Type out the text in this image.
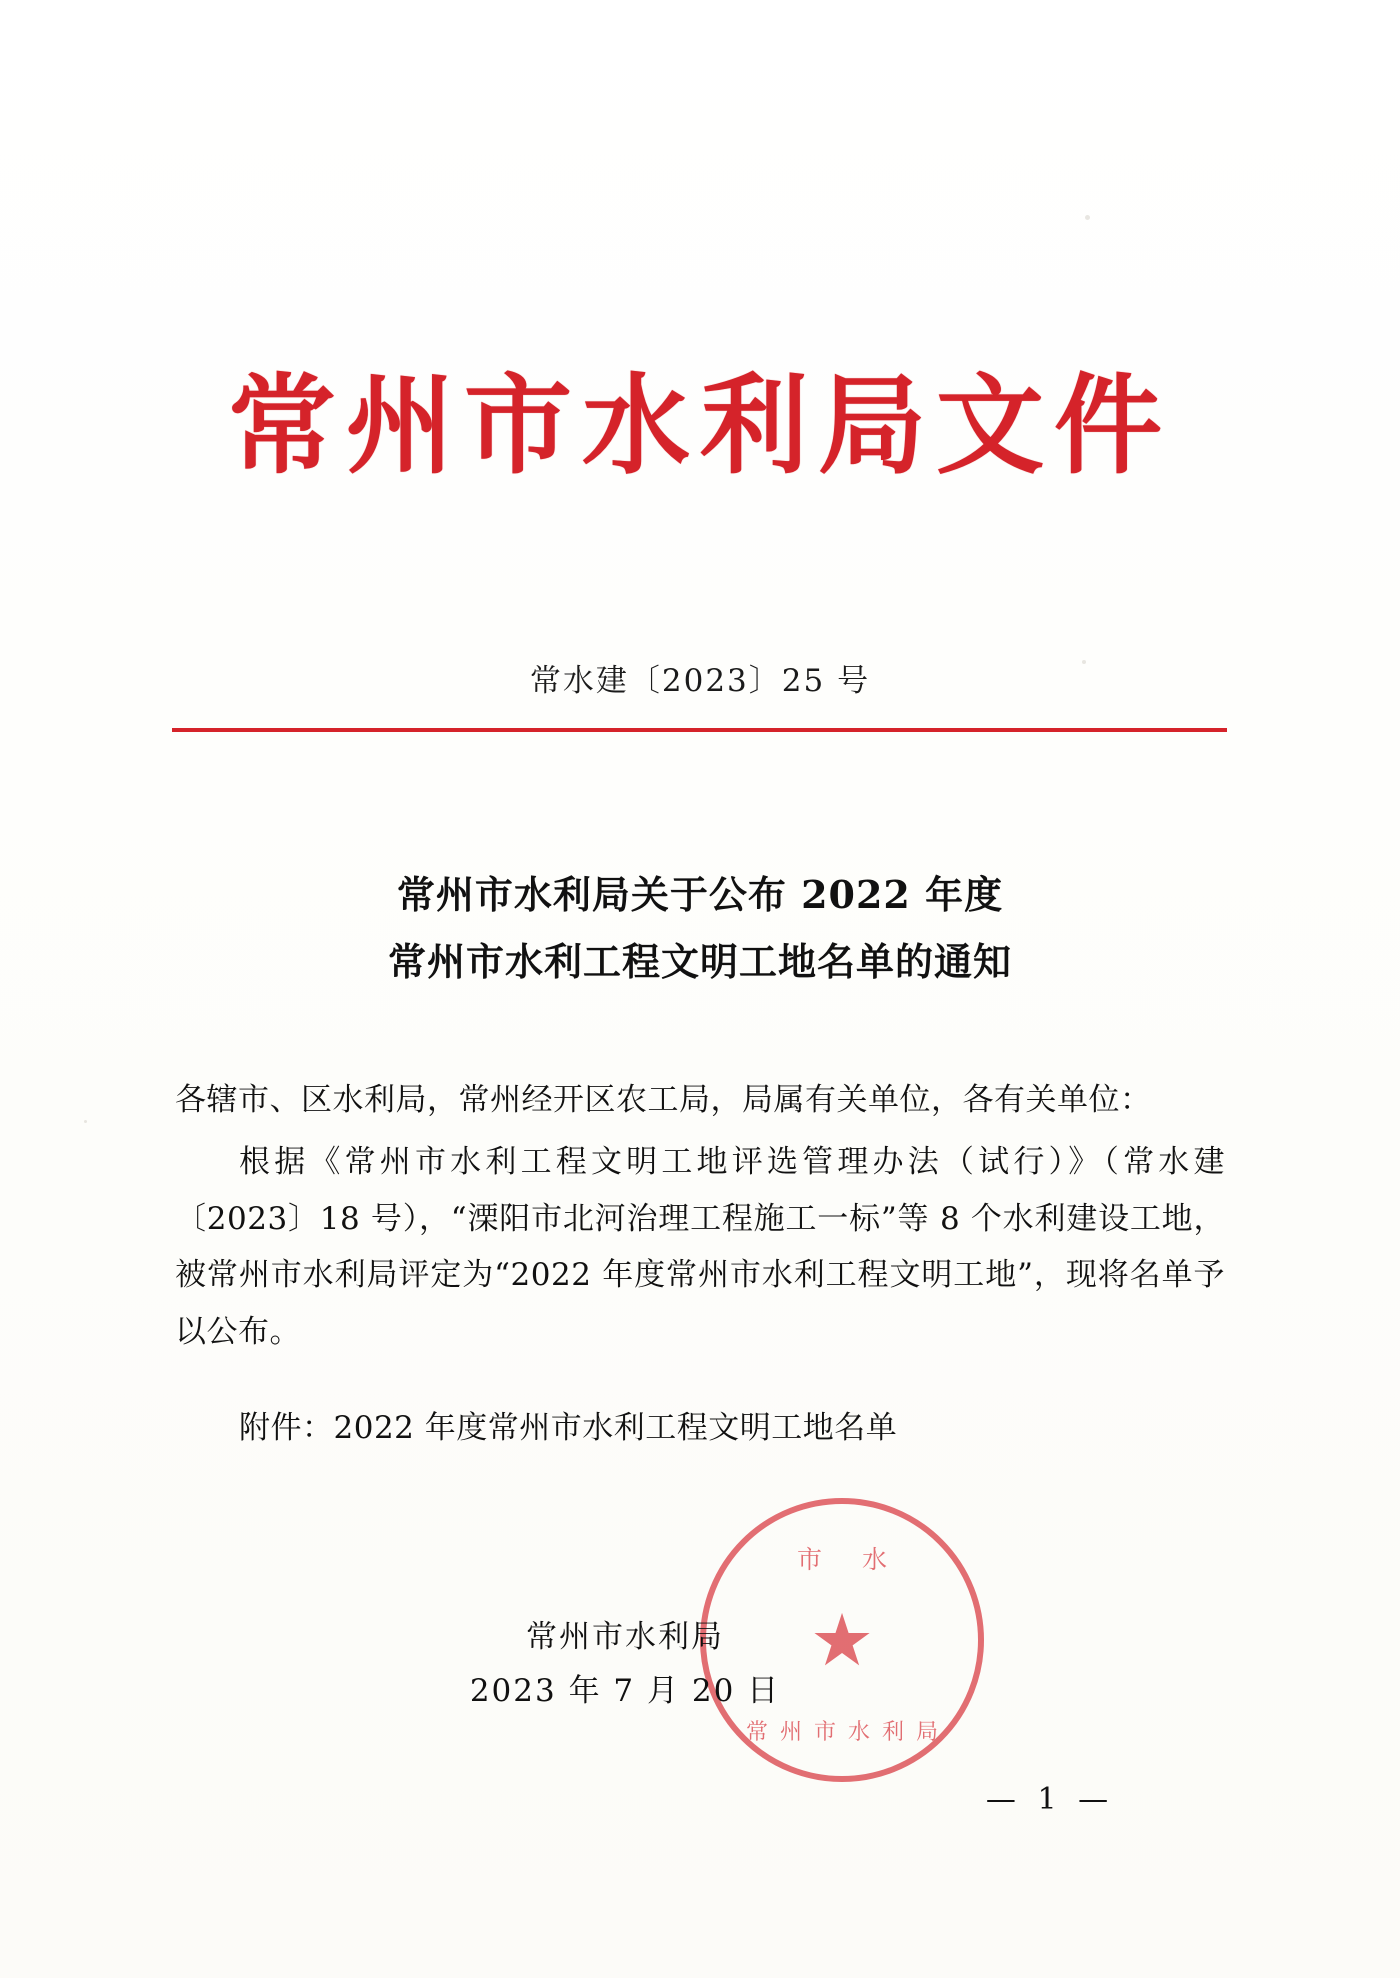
常州市水利局文件
常水建〔2023〕25 号
常州市水利局关于公布 2022 年度
常州市水利工程文明工地名单的通知

各辖市、区水利局，常州经开区农工局，局属有关单位，各有关单位：

根据《常州市水利工程文明工地评选管理办法（试行）》（常水建〔2023〕18 号），“溧阳市北河治理工程施工一标”等 8 个水利建设工地，被常州市水利局评定为“2022 年度常州市水利工程文明工地”，现将名单予以公布。

附件：2022 年度常州市水利工程文明工地名单

市水
★
常州市水利局
常州市水利局
2023 年 7 月 20 日
— 1 —
